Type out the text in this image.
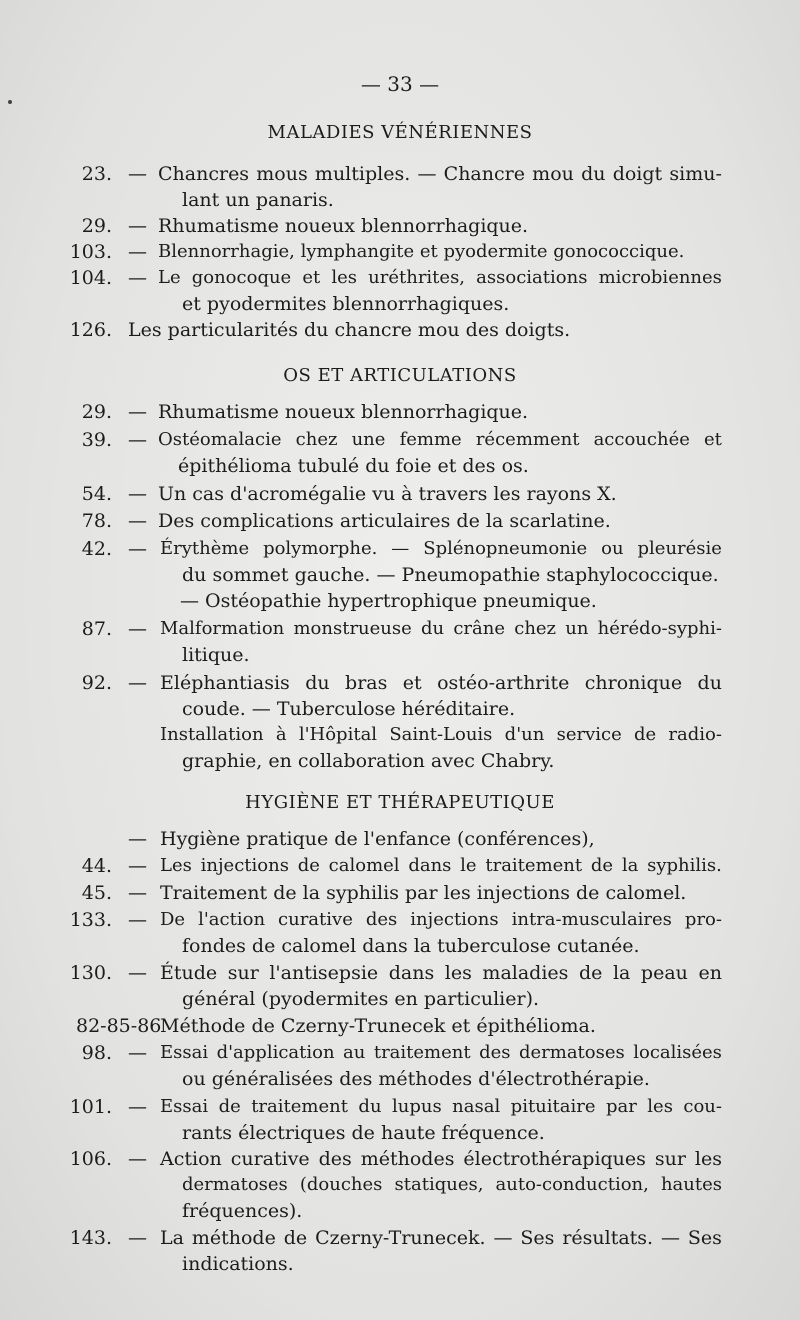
— 33 —
MALADIES VÉNÉRIENNES
23. — Chancres mous multiples. — Chancre mou du doigt simu-
lant un panaris.
29. — Rhumatisme noueux blennorrhagique.
103. — Blennorrhagie, lymphangite et pyodermite gonococcique.
104. — Le gonocoque et les uréthrites, associations microbiennes
et pyodermites blennorrhagiques.
126. Les particularités du chancre mou des doigts.
OS ET ARTICULATIONS
29. — Rhumatisme noueux blennorrhagique.
39. — Ostéomalacie chez une femme récemment accouchée et
épithélioma tubulé du foie et des os.
54. — Un cas d'acromégalie vu à travers les rayons X.
78. — Des complications articulaires de la scarlatine.
42. — Érythème polymorphe. — Splénopneumonie ou pleurésie
du sommet gauche. — Pneumopathie staphylococcique.
— Ostéopathie hypertrophique pneumique.
87. — Malformation monstrueuse du crâne chez un hérédo-syphi-
litique.
92. — Eléphantiasis du bras et ostéo-arthrite chronique du
coude. — Tuberculose héréditaire.
Installation à l'Hôpital Saint-Louis d'un service de radio-
graphie, en collaboration avec Chabry.
HYGIÈNE ET THÉRAPEUTIQUE
— Hygiène pratique de l'enfance (conférences),
44. — Les injections de calomel dans le traitement de la syphilis.
45. — Traitement de la syphilis par les injections de calomel.
133. — De l'action curative des injections intra-musculaires pro-
fondes de calomel dans la tuberculose cutanée.
130. — Étude sur l'antisepsie dans les maladies de la peau en
général (pyodermites en particulier).
82-85-86
Méthode de Czerny-Trunecek et épithélioma.
98. — Essai d'application au traitement des dermatoses localisées
ou généralisées des méthodes d'électrothérapie.
101. — Essai de traitement du lupus nasal pituitaire par les cou-
rants électriques de haute fréquence.
106. — Action curative des méthodes électrothérapiques sur les
dermatoses (douches statiques, auto-conduction, hautes
fréquences).
143. — La méthode de Czerny-Trunecek. — Ses résultats. — Ses
indications.
